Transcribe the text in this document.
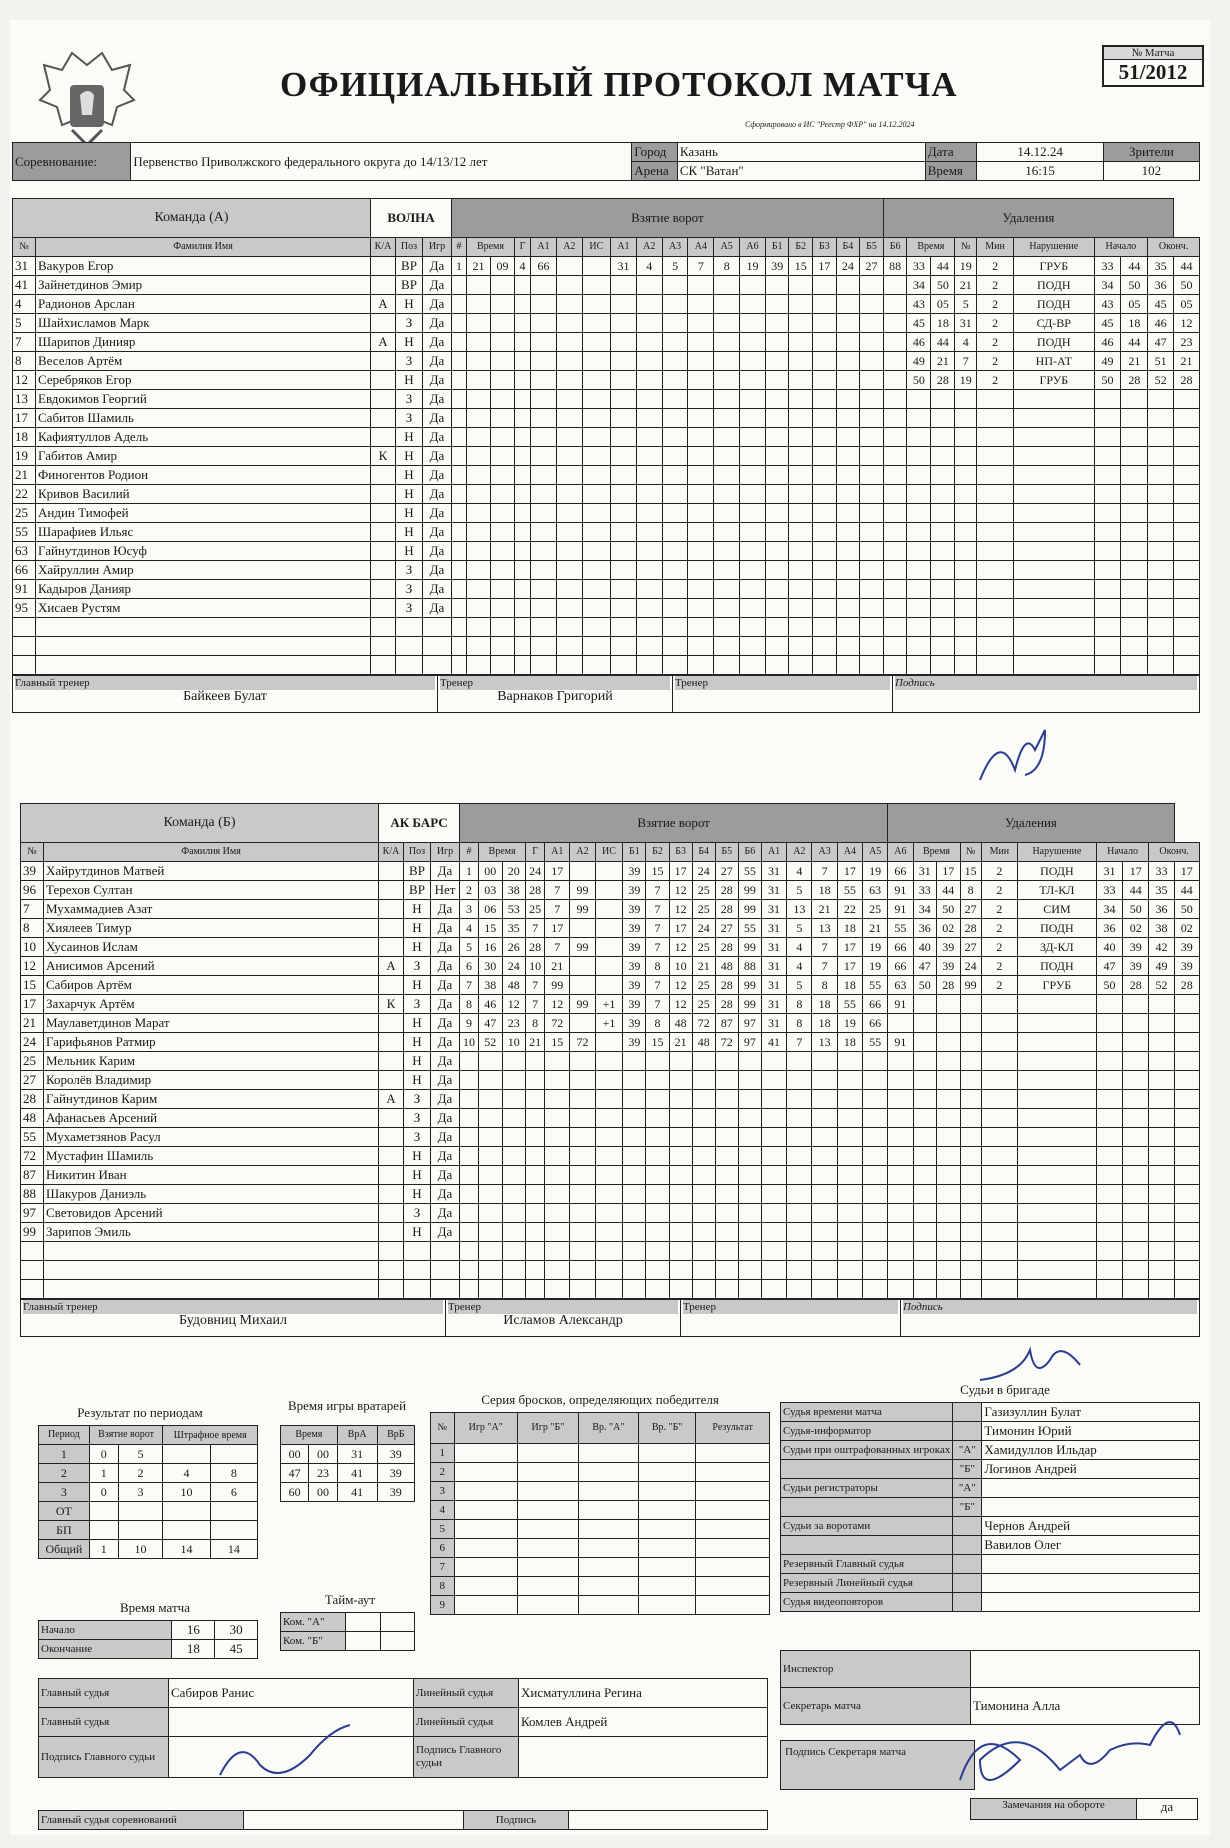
ОФИЦИАЛЬНЫЙ ПРОТОКОЛ МАТЧА
Сформировано в ИС "Реестр ФХР" на 14.12.2024
№ Матча
51/2012
Соревнование:	Первенство Приволжского федерального округа до 14/13/12 лет	Город	Казань	Дата	14.12.24	Зрители
		Арена	СК "Ватан"	Время	16:15	102
Команда (А)		ВОЛНА			Взятие ворот																		Удаления									
№	Фамилия Имя	К/А	Поз	Игр	#	Время		Г	А1	А2	ИС	А1	А2	А3	А4	А5	А6	Б1	Б2	Б3	Б4	Б5	Б6	Время		№	Мин	Нарушение	Начало		Оконч.	
31	Вакуров Егор		ВР	Да	1	21	09	4	66			31	4	5	7	8	19	39	15	17	24	27	88	33	44	19	2	ГРУБ	33	44	35	44
41	Зайнетдинов Эмир		ВР	Да																				34	50	21	2	ПОДН	34	50	36	50
4	Радионов Арслан	А	Н	Да																				43	05	5	2	ПОДН	43	05	45	05
5	Шайхисламов Марк		З	Да																				45	18	31	2	СД-ВР	45	18	46	12
7	Шарипов Динияр	А	Н	Да																				46	44	4	2	ПОДН	46	44	47	23
8	Веселов Артём		З	Да																				49	21	7	2	НП-АТ	49	21	51	21
12	Серебряков Егор		Н	Да																				50	28	19	2	ГРУБ	50	28	52	28
13	Евдокимов Георгий		З	Да																												
17	Сабитов Шамиль		З	Да																												
18	Кафиятуллов Адель		Н	Да																												
19	Габитов Амир	К	Н	Да																												
21	Финогентов Родион		Н	Да																												
22	Кривов Василий		Н	Да																												
25	Андин Тимофей		Н	Да																												
55	Шарафиев Ильяс		Н	Да																												
63	Гайнутдинов Юсуф		Н	Да																												
66	Хайруллин Амир		З	Да																												
91	Кадыров Данияр		З	Да																												
95	Хисаев Рустям		З	Да																												

Главный тренер
Байкеев Булат

Тренер
Варнаков Григорий

Тренер	Подпись
Команда (Б)		АК БАРС			Взятие ворот																		Удаления									
№	Фамилия Имя	К/А	Поз	Игр	#	Время		Г	А1	А2	ИС	Б1	Б2	Б3	Б4	Б5	Б6	А1	А2	А3	А4	А5	А6	Время		№	Мин	Нарушение	Начало		Оконч.	
39	Хайрутдинов Матвей		ВР	Да	1	00	20	24	17			39	15	17	24	27	55	31	4	7	17	19	66	31	17	15	2	ПОДН	31	17	33	17
96	Терехов Султан		ВР	Нет	2	03	38	28	7	99		39	7	12	25	28	99	31	5	18	55	63	91	33	44	8	2	ТЛ-КЛ	33	44	35	44
7	Мухаммадиев Азат		Н	Да	3	06	53	25	7	99		39	7	12	25	28	99	31	13	21	22	25	91	34	50	27	2	СИМ	34	50	36	50
8	Хиялеев Тимур		Н	Да	4	15	35	7	17			39	7	17	24	27	55	31	5	13	18	21	55	36	02	28	2	ПОДН	36	02	38	02
10	Хусаинов Ислам		Н	Да	5	16	26	28	7	99		39	7	12	25	28	99	31	4	7	17	19	66	40	39	27	2	ЗД-КЛ	40	39	42	39
12	Анисимов Арсений	А	З	Да	6	30	24	10	21			39	8	10	21	48	88	31	4	7	17	19	66	47	39	24	2	ПОДН	47	39	49	39
15	Сабиров Артём		Н	Да	7	38	48	7	99			39	7	12	25	28	99	31	5	8	18	55	63	50	28	99	2	ГРУБ	50	28	52	28
17	Захарчук Артём	К	З	Да	8	46	12	7	12	99	+1	39	7	12	25	28	99	31	8	18	55	66	91									
21	Маулаветдинов Марат		Н	Да	9	47	23	8	72		+1	39	8	48	72	87	97	31	8	18	19	66										
24	Гарифьянов Ратмир		Н	Да	10	52	10	21	15	72		39	15	21	48	72	97	41	7	13	18	55	91									
25	Мельник Карим		Н	Да																												
27	Королёв Владимир		Н	Да																												
28	Гайнутдинов Карим	А	З	Да																												
48	Афанасьев Арсений		З	Да																												
55	Мухаметзянов Расул		З	Да																												
72	Мустафин Шамиль		Н	Да																												
87	Никитин Иван		Н	Да																												
88	Шакуров Даниэль		Н	Да																												
97	Световидов Арсений		З	Да																												
99	Зарипов Эмиль		Н	Да																												

Главный тренер
Будовниц Михаил

Тренер
Исламов Александр

Тренер	Подпись
Результат по периодам
Период	Взятие ворот		Штрафное время	
1	0	5		
2	1	2	4	8
3	0	3	10	6
ОТ				
БП				
Общий	1	10	14	14
Время игры вратарей
Время		ВрА	ВрБ
00	00	31	39
47	23	41	39
60	00	41	39
Время матча
Начало	16	30
Окончание	18	45
Тайм-аут
Ком. "А"		
Ком. "Б"		
Серия бросков, определяющих победителя
№	Игр "А"	Игр "Б"	Вр. "А"	Вр. "Б"	Результат
1					
2					
3					
4					
5					
6					
7					
8					
9					
Судьи в бригаде
Судья времени матча		Газизуллин Булат
Судья-информатор		Тимонин Юрий
Судьи при оштрафованных игроках	"А"	Хамидуллов Ильдар
	"Б"	Логинов Андрей
Судьи регистраторы	"А"	
	"Б"	
Судьи за воротами		Чернов Андрей
		Вавилов Олег
Резервный Главный судья		
Резервный Линейный судья		
Судья видеоповторов		
Инспектор	
Секретарь матча	Тимонина Алла
Подпись Секретаря матча
Замечания на обороте	да
Главный судья	Сабиров Ранис	Линейный судья	Хисматуллина Регина
Главный судья		Линейный судья	Комлев Андрей
Подпись Главного судьи		Подпись Главного судьи	
Главный судья соревнований		Подпись	
